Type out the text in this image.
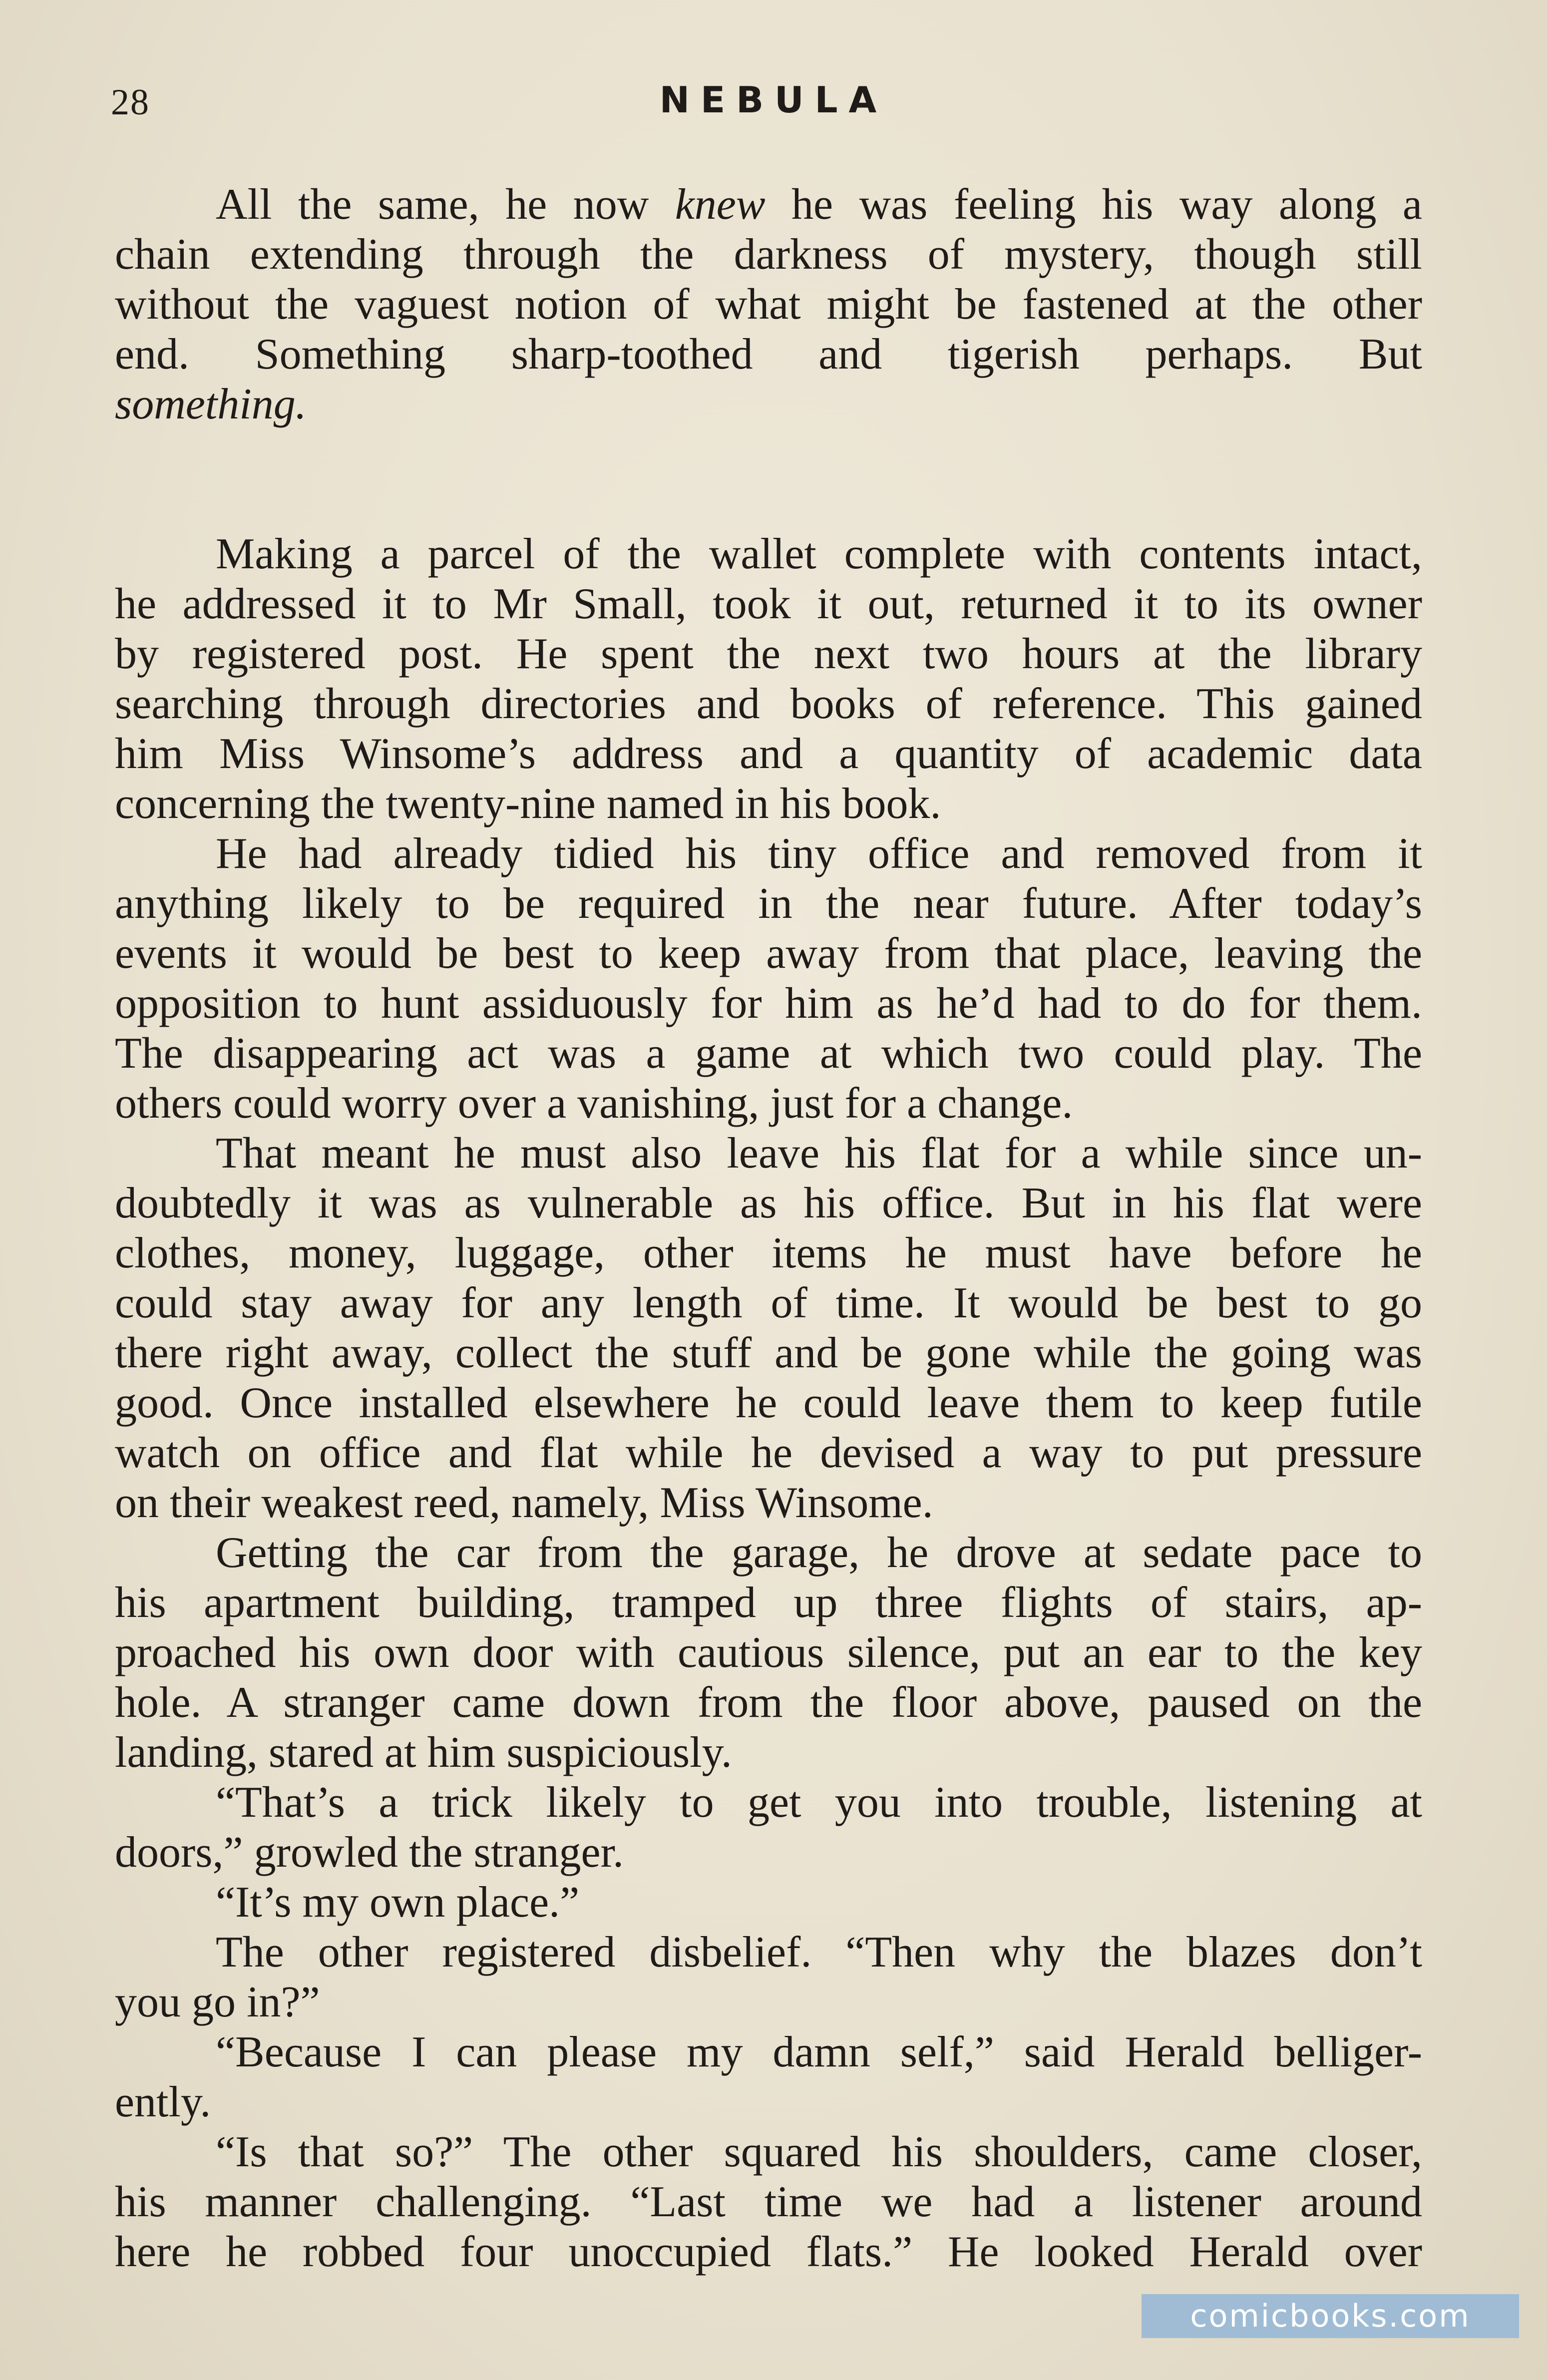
28	NEBULA
All the same, he now knew he was feeling his way along a
chain extending through the darkness of mystery, though still
without the vaguest notion of what might be fastened at the other
end. Something sharp-toothed and tigerish perhaps. But
something.
Making a parcel of the wallet complete with contents intact,
he addressed it to Mr Small, took it out, returned it to its owner
by registered post. He spent the next two hours at the library
searching through directories and books of reference. This gained
him Miss Winsome’s address and a quantity of academic data
concerning the twenty-nine named in his book.
He had already tidied his tiny office and removed from it
anything likely to be required in the near future. After today’s
events it would be best to keep away from that place, leaving the
opposition to hunt assiduously for him as he’d had to do for them.
The disappearing act was a game at which two could play. The
others could worry over a vanishing, just for a change.
That meant he must also leave his flat for a while since un-
doubtedly it was as vulnerable as his office. But in his flat were
clothes, money, luggage, other items he must have before he
could stay away for any length of time. It would be best to go
there right away, collect the stuff and be gone while the going was
good. Once installed elsewhere he could leave them to keep futile
watch on office and flat while he devised a way to put pressure
on their weakest reed, namely, Miss Winsome.
Getting the car from the garage, he drove at sedate pace to
his apartment building, tramped up three flights of stairs, ap-
proached his own door with cautious silence, put an ear to the key
hole. A stranger came down from the floor above, paused on the
landing, stared at him suspiciously.
“That’s a trick likely to get you into trouble, listening at
doors,” growled the stranger.
“It’s my own place.”
The other registered disbelief. “Then why the blazes don’t
you go in?”
“Because I can please my damn self,” said Herald belliger-
ently.
“Is that so?” The other squared his shoulders, came closer,
his manner challenging. “Last time we had a listener around
here he robbed four unoccupied flats.” He looked Herald over
comicbooks.com
